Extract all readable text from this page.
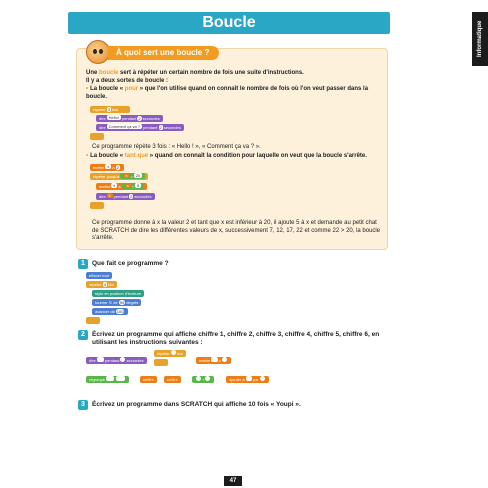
Boucle	Informatique
À quoi sert une boucle ?
Une boucle sert à répéter un certain nombre de fois une suite d'instructions.
Il y a deux sortes de boucle :
• La boucle « pour » que l'on utilise quand on connaît le nombre de fois où l'on veut passer dans la boucle.
répéter 3 fois
dire Hello! pendant 2 secondes
dire Comment ça va ? pendant 2 secondes
Ce programme répète 3 fois : « Hello ! », « Comment ça va ? ».
• La boucle « tant que » quand on connaît la condition pour laquelle on veut que la boucle s'arrête.
mettre x à 2
répéter jusqu'à x > 20
mettre x à x + 5
dire x pendant 2 secondes
Ce programme donne à x la valeur 2 et tant que x est inférieur à 20, il ajoute 5 à x et demande au petit chat de SCRATCH de dire les différentes valeurs de x, successivement 7, 12, 17, 22 et comme 22 > 20, la boucle s'arrête.
1	Que fait ce programme ?
effacer tout
répéter 4 fois
stylo en position d'écriture
tourner ↻ de 90 degrés
avancer de 100
2	Écrivez un programme qui affiche chiffre 1, chiffre 2, chiffre 3, chiffre 4, chiffre 5, chiffre 6, en utilisant les instructions suivantes :
dire pendant secondes
répéter fois
mettre à
regroupe	chiffre	chiffre	+	ajouter à par
3	Écrivez un programme dans SCRATCH qui affiche 10 fois « Youpi ».
47
